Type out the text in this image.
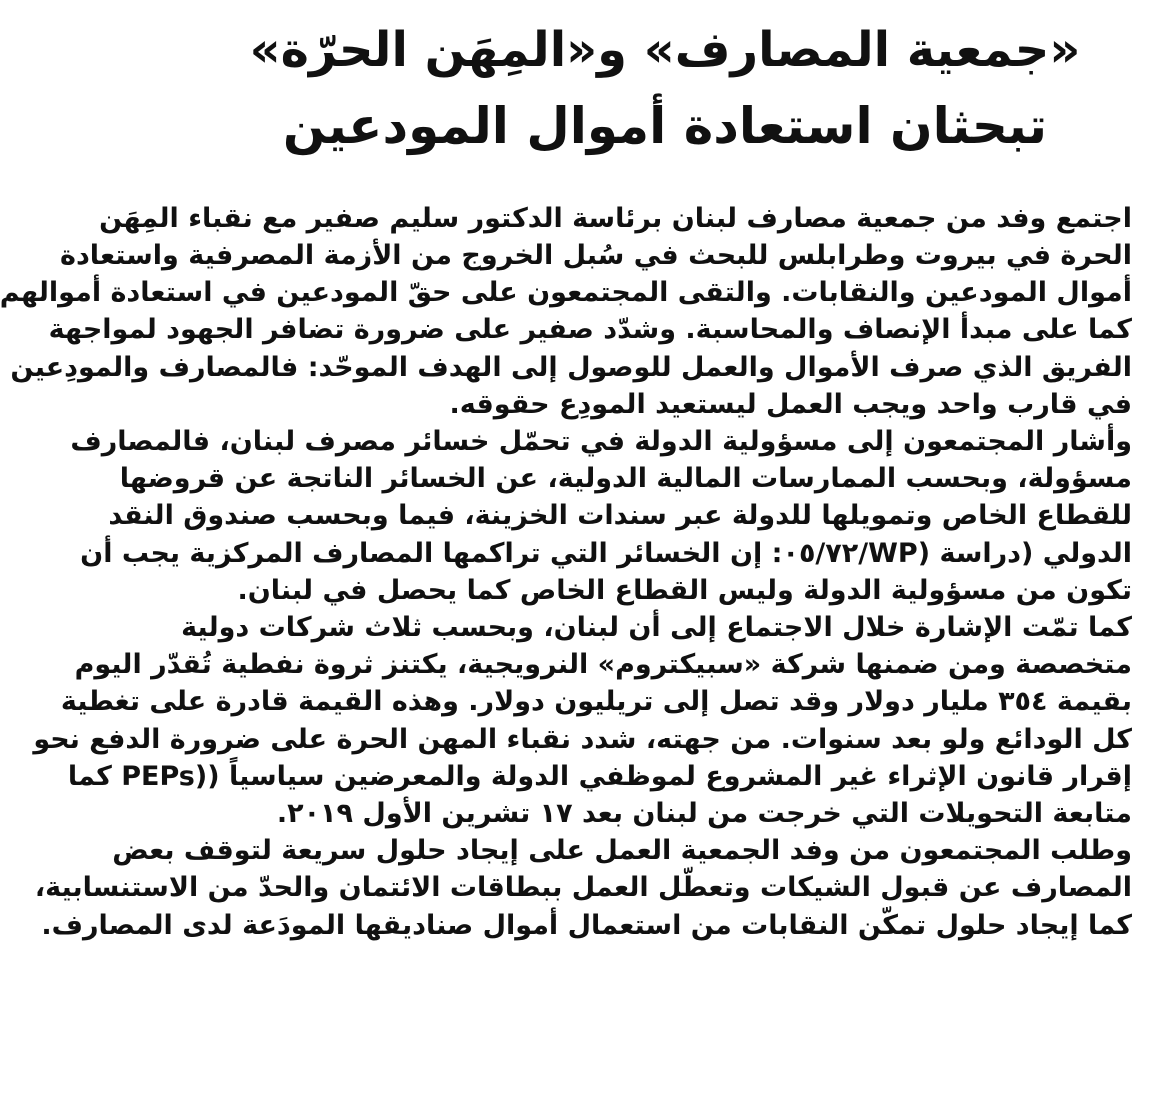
«جمعية المصارف» و«المِهَن الحرّة»
تبحثان استعادة أموال المودعين

اجتمع وفد من جمعية مصارف لبنان برئاسة الدكتور سليم صفير مع نقباء المِهَن
الحرة في بيروت وطرابلس للبحث في سُبل الخروج من الأزمة المصرفية واستعادة
أموال المودعين والنقابات. والتقى المجتمعون على حقّ المودعين في استعادة أموالهم
كما على مبدأ الإنصاف والمحاسبة. وشدّد صفير على ضرورة تضافر الجهود لمواجهة
الفريق الذي صرف الأموال والعمل للوصول إلى الهدف الموحّد: فالمصارف والمودِعين
في قارب واحد ويجب العمل ليستعيد المودِع حقوقه.

وأشار المجتمعون إلى مسؤولية الدولة في تحمّل خسائر مصرف لبنان، فالمصارف
مسؤولة، وبحسب الممارسات المالية الدولية، عن الخسائر الناتجة عن قروضها
للقطاع الخاص وتمويلها للدولة عبر سندات الخزينة، فيما وبحسب صندوق النقد
الدولي (دراسة (WP/٠٥/٧٢: إن الخسائر التي تراكمها المصارف المركزية يجب أن
تكون من مسؤولية الدولة وليس القطاع الخاص كما يحصل في لبنان.

كما تمّت الإشارة خلال الاجتماع إلى أن لبنان، وبحسب ثلاث شركات دولية
متخصصة ومن ضمنها شركة «سبيكتروم» النرويجية، يكتنز ثروة نفطية تُقدّر اليوم
بقيمة ٣٥٤ مليار دولار وقد تصل إلى تريليون دولار. وهذه القيمة قادرة على تغطية
كل الودائع ولو بعد سنوات. من جهته، شدد نقباء المهن الحرة على ضرورة الدفع نحو
إقرار قانون الإثراء غير المشروع لموظفي الدولة والمعرضين سياسياً ((PEPs كما
متابعة التحويلات التي خرجت من لبنان بعد ١٧ تشرين الأول ٢٠١٩.

وطلب المجتمعون من وفد الجمعية العمل على إيجاد حلول سريعة لتوقف بعض
المصارف عن قبول الشيكات وتعطّل العمل ببطاقات الائتمان والحدّ من الاستنسابية،
كما إيجاد حلول تمكّن النقابات من استعمال أموال صناديقها المودَعة لدى المصارف.
